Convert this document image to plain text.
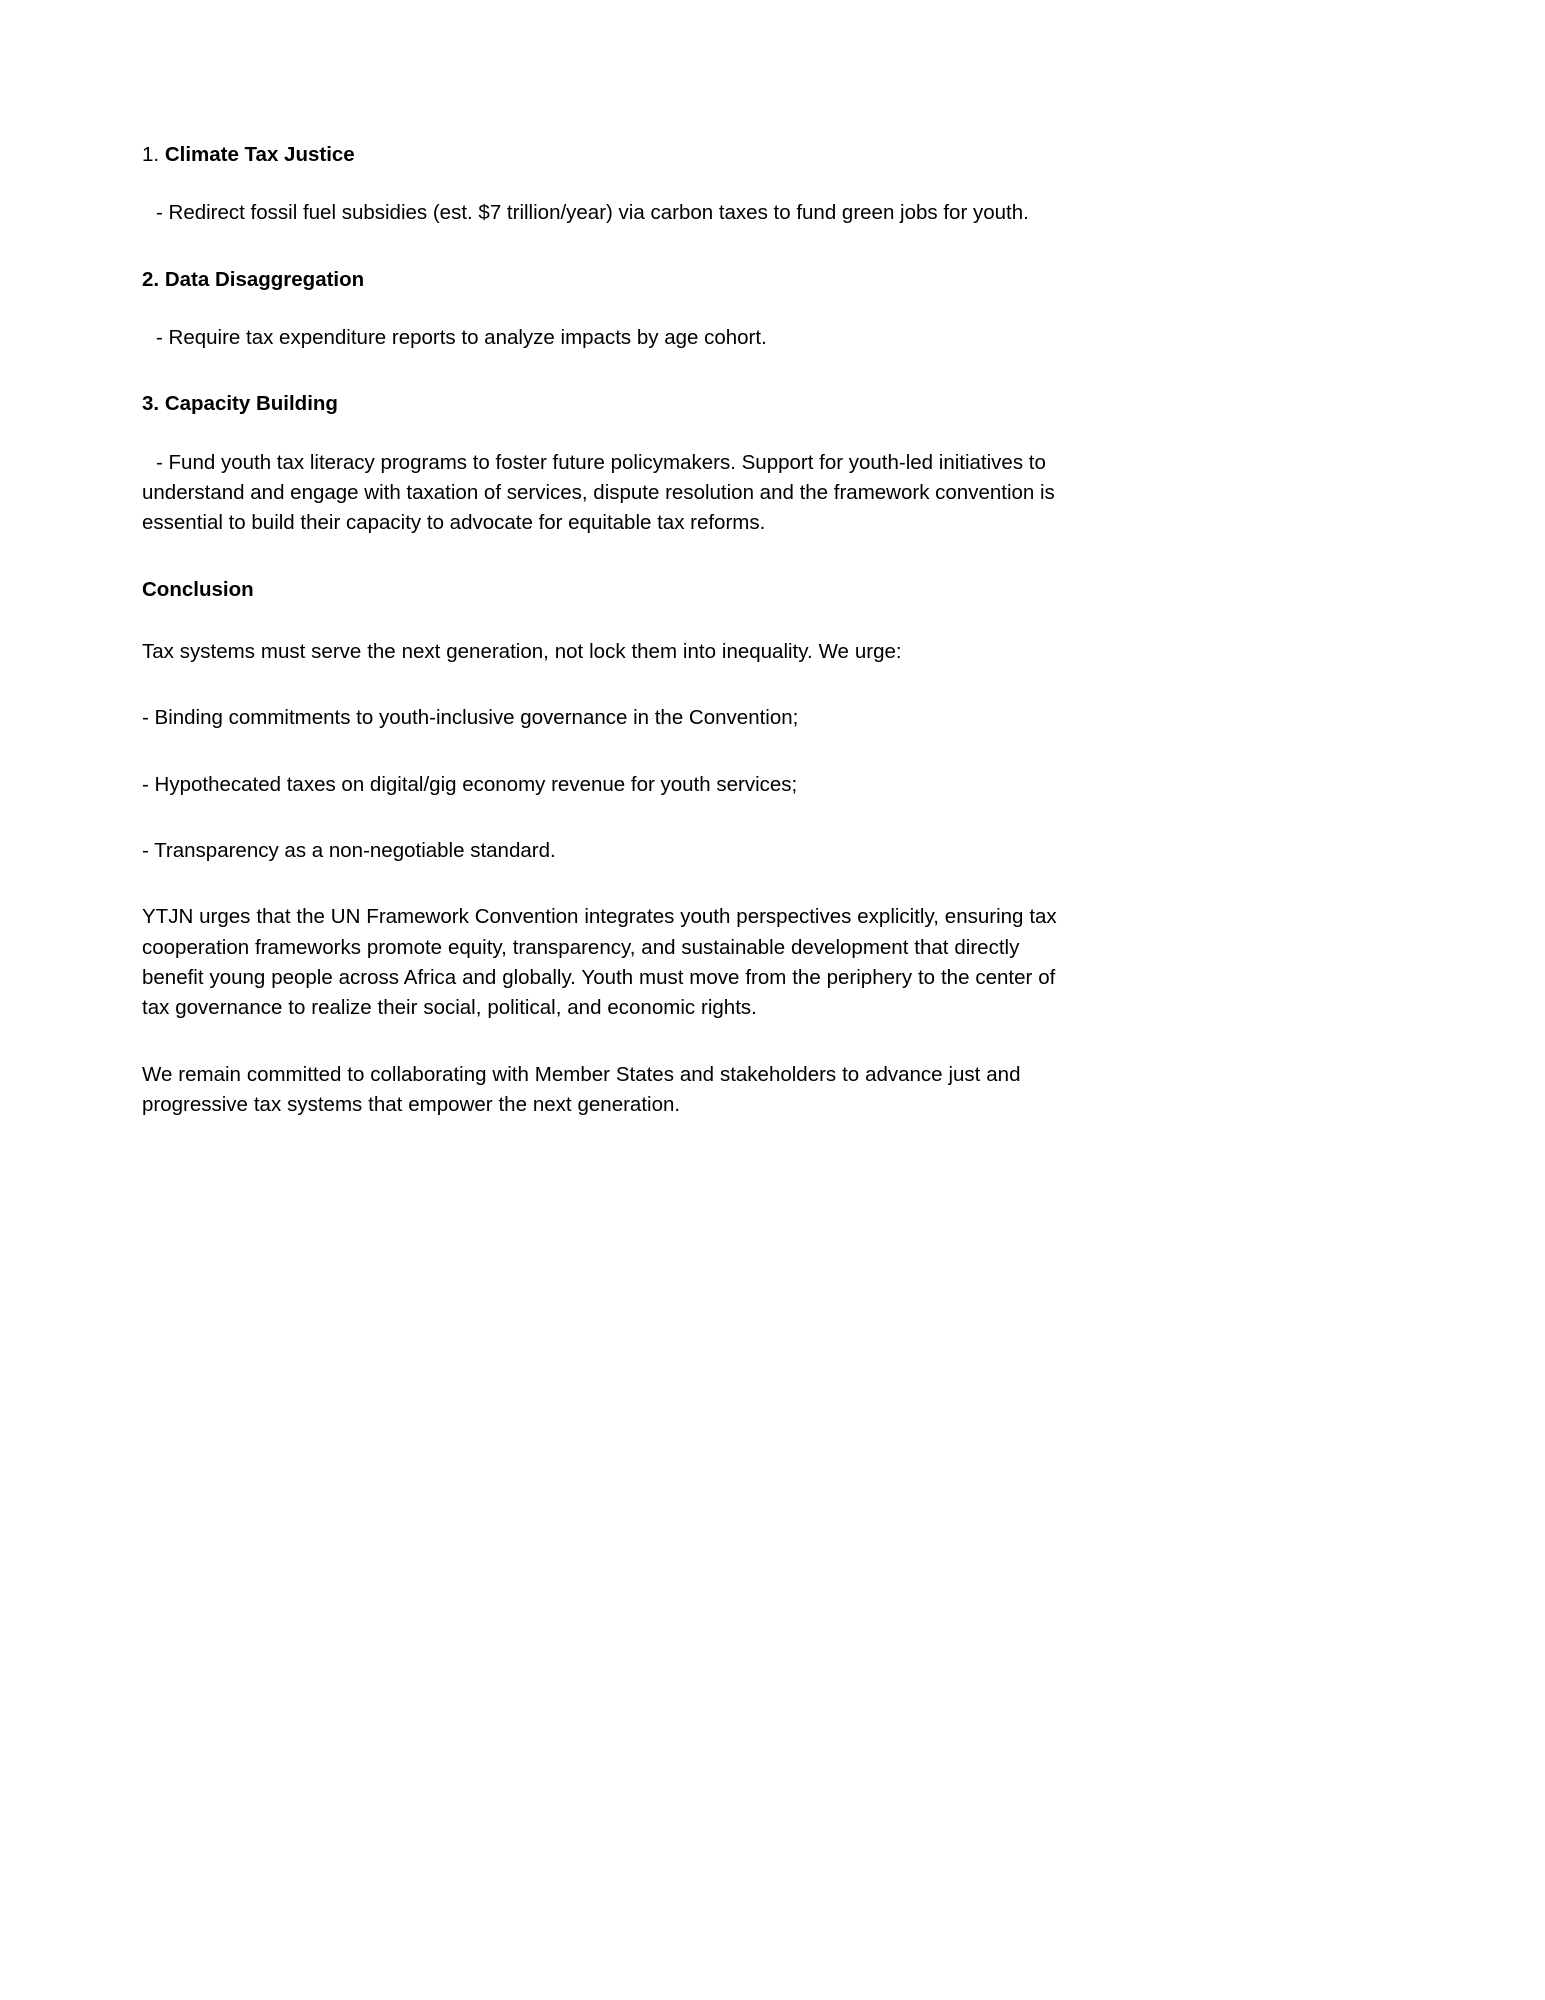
1. Climate Tax Justice

- Redirect fossil fuel subsidies (est. $7 trillion/year) via carbon taxes to fund green jobs for youth.

2. Data Disaggregation

- Require tax expenditure reports to analyze impacts by age cohort.

3. Capacity Building

- Fund youth tax literacy programs to foster future policymakers. Support for youth-led initiatives to understand and engage with taxation of services, dispute resolution and the framework convention is essential to build their capacity to advocate for equitable tax reforms.

Conclusion

Tax systems must serve the next generation, not lock them into inequality. We urge:

- Binding commitments to youth-inclusive governance in the Convention;

- Hypothecated taxes on digital/gig economy revenue for youth services;

- Transparency as a non-negotiable standard.

YTJN urges that the UN Framework Convention integrates youth perspectives explicitly, ensuring tax cooperation frameworks promote equity, transparency, and sustainable development that directly benefit young people across Africa and globally. Youth must move from the periphery to the center of tax governance to realize their social, political, and economic rights.

We remain committed to collaborating with Member States and stakeholders to advance just and progressive tax systems that empower the next generation.
